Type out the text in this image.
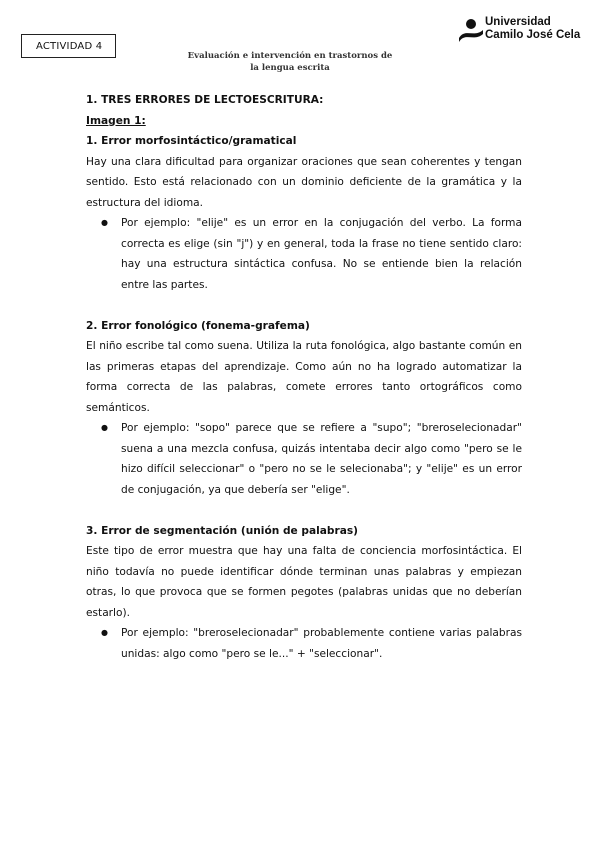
ACTIVIDAD 4
Evaluación e intervención en trastornos de
la lengua escrita
Universidad
Camilo José Cela

1. TRES ERRORES DE LECTOESCRITURA:

Imagen 1:

1. Error morfosintáctico/gramatical

Hay una clara dificultad para organizar oraciones que sean coherentes y tengan sentido. Esto está relacionado con un dominio deficiente de la gramática y la estructura del idioma.

● Por ejemplo: "elije" es un error en la conjugación del verbo. La forma correcta es elige (sin "j") y en general, toda la frase no tiene sentido claro: hay una estructura sintáctica confusa. No se entiende bien la relación entre las partes.

2. Error fonológico (fonema-grafema)

El niño escribe tal como suena. Utiliza la ruta fonológica, algo bastante común en las primeras etapas del aprendizaje. Como aún no ha logrado automatizar la forma correcta de las palabras, comete errores tanto ortográficos como semánticos.

● Por ejemplo: "sopo" parece que se refiere a "supo"; "breroselecionadar" suena a una mezcla confusa, quizás intentaba decir algo como "pero se le hizo difícil seleccionar" o "pero no se le selecionaba"; y "elije" es un error de conjugación, ya que debería ser "elige".

3. Error de segmentación (unión de palabras)

Este tipo de error muestra que hay una falta de conciencia morfosintáctica. El niño todavía no puede identificar dónde terminan unas palabras y empiezan otras, lo que provoca que se formen pegotes (palabras unidas que no deberían estarlo).

● Por ejemplo: "breroselecionadar" probablemente contiene varias palabras unidas: algo como "pero se le..." + "seleccionar".
